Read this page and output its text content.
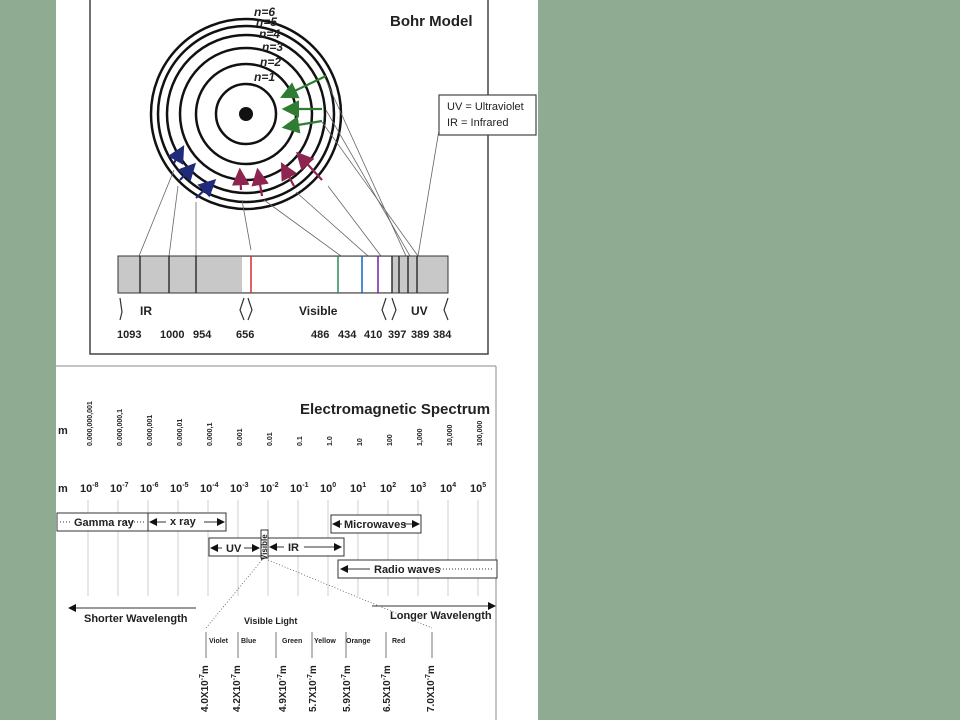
Bohr Model
n=1
n=2
n=3
n=4
n=5
n=6
UV = Ultraviolet
IR = Infrared
IR	Visible	UV
1093 1000 954 656	486 434 410 397 389 384
Electromagnetic Spectrum
m
m
0.000,000,001	0.000,000,1	0.000,001	0.000,01	0.000,1	0.001	0.01	0.1	1.0	10	100	1,000	10,000	100,000
$10^{-8}$ $10^{-7}$ $10^{-6}$ $10^{-5}$ $10^{-4}$ $10^{-3}$ $10^{-2}$ $10^{-1}$ $10^0$ $10^1$ $10^2$ $10^3$ $10^4$ $10^5$
Gamma ray	x ray	Microwaves
UV	IR
Radio waves
Visible
Shorter Wavelength	Longer Wavelength
Visible Light
Violet Blue	Green Yellow Orange	Red
$4.0X10^{-7}m$
$4.2X10^{-7}m$
$4.9X10^{-7}m$
$5.7X10^{-7}m$
$5.9X10^{-7}m$
$6.5X10^{-7}m$
$7.0X10^{-7}m$
